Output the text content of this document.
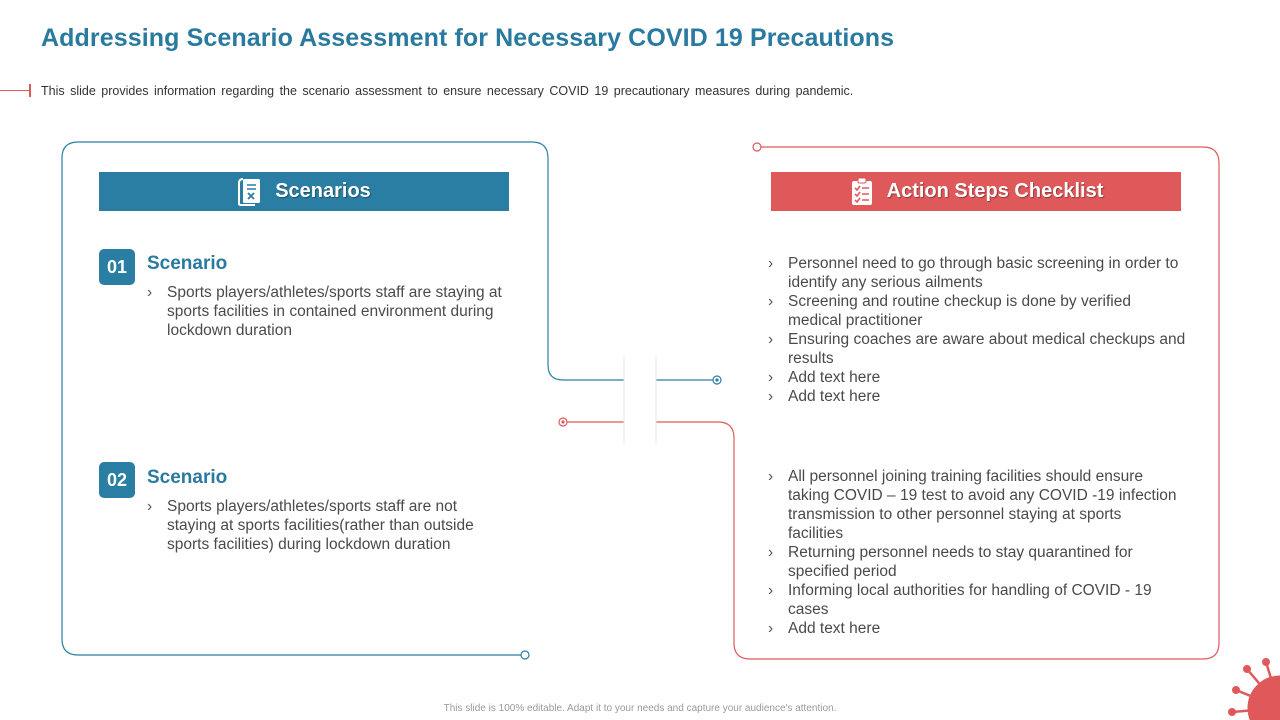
Addressing Scenario Assessment for Necessary COVID 19 Precautions
This slide provides information regarding the scenario assessment to ensure necessary COVID 19 precautionary measures during pandemic.
Scenarios	Action Steps Checklist
01	Scenario
› Sports players/athletes/sports staff are staying at sports facilities in contained environment during lockdown duration
02	Scenario
› Sports players/athletes/sports staff are not staying at sports facilities(rather than outside sports facilities) during lockdown duration
› Personnel need to go through basic screening in order to identify any serious ailments
› Screening and routine checkup is done by verified medical practitioner
› Ensuring coaches are aware about medical checkups and results
› Add text here
› Add text here
› All personnel joining training facilities should ensure taking COVID – 19 test to avoid any COVID -19 infection transmission to other personnel staying at sports facilities
› Returning personnel needs to stay quarantined for specified period
› Informing local authorities for handling of COVID - 19 cases
› Add text here
This slide is 100% editable. Adapt it to your needs and capture your audience's attention.
